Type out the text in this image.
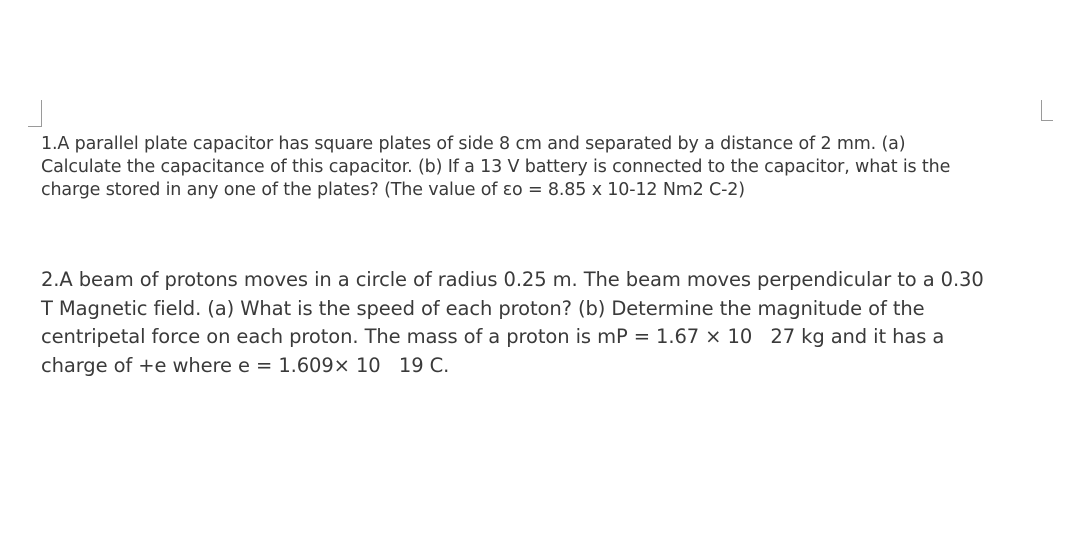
1.A parallel plate capacitor has square plates of side 8 cm and separated by a distance of 2 mm. (a)
Calculate the capacitance of this capacitor. (b) If a 13 V battery is connected to the capacitor, what is the
charge stored in any one of the plates? (The value of εo = 8.85 x 10-12 Nm2 C-2)
2.A beam of protons moves in a circle of radius 0.25 m. The beam moves perpendicular to a 0.30
T Magnetic field. (a) What is the speed of each proton? (b) Determine the magnitude of the
centripetal force on each proton. The mass of a proton is mP = 1.67 × 10   27 kg and it has a
charge of +e where e = 1.609× 10   19 C.
